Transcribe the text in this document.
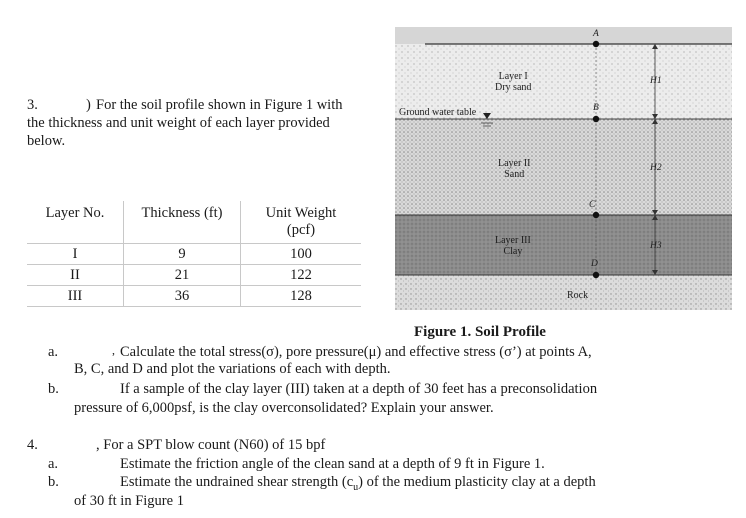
3.	) For the soil profile shown in Figure 1 with
the thickness and unit weight of each layer provided
below.
Layer No.	Thickness (ft)	Unit Weight
(pcf)
I	9	100
II	21	122
III	36	128
Layer I
Dry sand
Layer II
Sand
Layer III
Clay
Ground water table
Rock
A
B
C
D
H1
H2
H3
Figure 1. Soil Profile
a.	, Calculate the total stress(σ), pore pressure(μ) and effective stress (σ’) at points A,
B, C, and D and plot the variations of each with depth.
b.	If a sample of the clay layer (III) taken at a depth of 30 feet has a preconsolidation
pressure of 6,000psf, is the clay overconsolidated? Explain your answer.
4.	, For a SPT blow count (N60) of 15 bpf
a.	Estimate the friction angle of the clean sand at a depth of 9 ft in Figure 1.
b.	Estimate the undrained shear strength $(c_u)$ of the medium plasticity clay at a depth
of 30 ft in Figure 1
